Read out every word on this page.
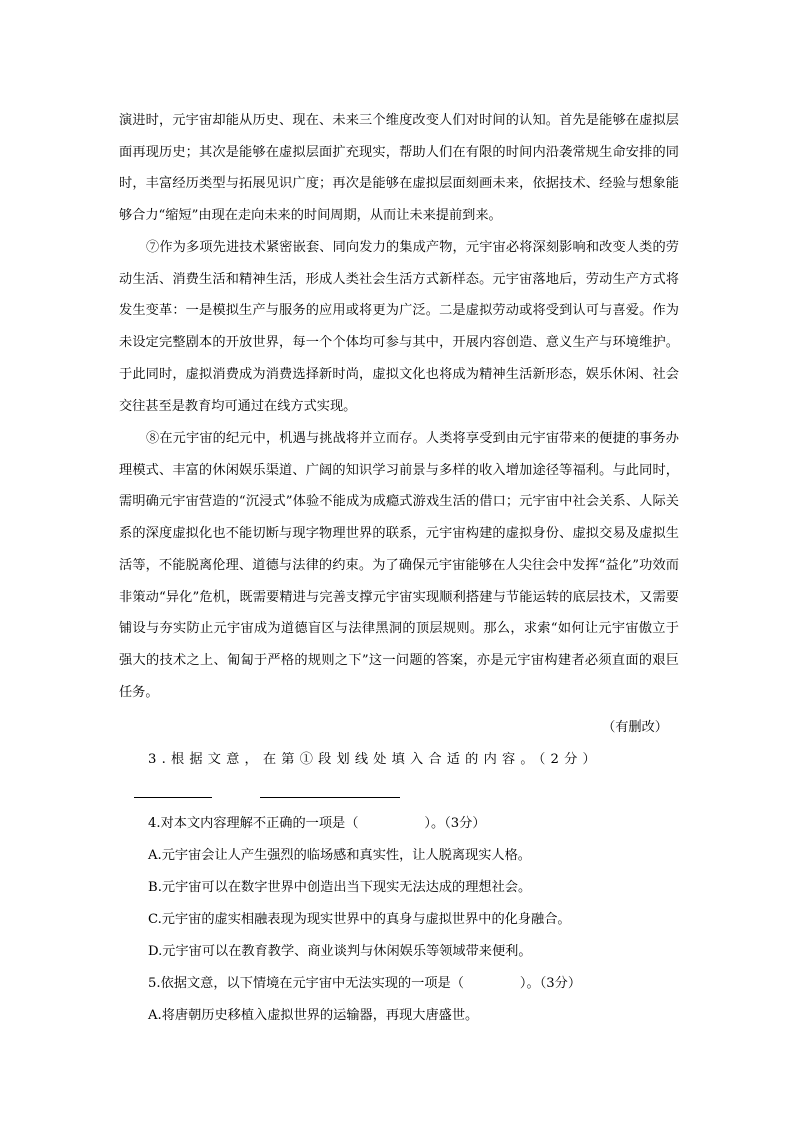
演进时，元宇宙却能从历史、现在、未来三个维度改变人们对时间的认知。首先是能够在虚拟层面再现历史；其次是能够在虚拟层面扩充现实，帮助人们在有限的时间内沿袭常规生命安排的同时，丰富经历类型与拓展见识广度；再次是能够在虚拟层面刻画未来，依据技术、经验与想象能够合力“缩短”由现在走向未来的时间周期，从而让未来提前到来。

⑦作为多项先进技术紧密嵌套、同向发力的集成产物，元宇宙必将深刻影响和改变人类的劳动生活、消费生活和精神生活，形成人类社会生活方式新样态。元宇宙落地后，劳动生产方式将发生变革：一是模拟生产与服务的应用或将更为广泛。二是虚拟劳动或将受到认可与喜爱。作为未设定完整剧本的开放世界，每一个个体均可参与其中，开展内容创造、意义生产与环境维护。于此同时，虚拟消费成为消费选择新时尚，虚拟文化也将成为精神生活新形态，娱乐休闲、社会交往甚至是教育均可通过在线方式实现。

⑧在元宇宙的纪元中，机遇与挑战将并立而存。人类将享受到由元宇宙带来的便捷的事务办理模式、丰富的休闲娱乐渠道、广阔的知识学习前景与多样的收入增加途径等福利。与此同时，需明确元宇宙营造的“沉浸式”体验不能成为成瘾式游戏生活的借口；元宇宙中社会关系、人际关系的深度虚拟化也不能切断与现字物理世界的联系，元宇宙构建的虚拟身份、虚拟交易及虚拟生活等，不能脱离伦理、道德与法律的约束。为了确保元宇宙能够在人尖往会中发挥“益化”功效而非策动“异化”危机，既需要精进与完善支撑元宇宙实现顺利搭建与节能运转的底层技术，又需要铺设与夯实防止元宇宙成为道德盲区与法律黑洞的顶层规则。那么，求索“如何让元宇宙傲立于强大的技术之上、匍匐于严格的规则之下”这一问题的答案，亦是元宇宙构建者必须直面的艰巨任务。

（有删改）

3.根据文意，在第①段划线处填入合适的内容。（2分）

4.对本文内容理解不正确的一项是（	）。（3分）

A.元宇宙会让人产生强烈的临场感和真实性，让人脱离现实人格。

B.元宇宙可以在数字世界中创造出当下现实无法达成的理想社会。

C.元宇宙的虚实相融表现为现实世界中的真身与虚拟世界中的化身融合。

D.元宇宙可以在教育教学、商业谈判与休闲娱乐等领域带来便利。

5.依据文意，以下情境在元宇宙中无法实现的一项是（	）。（3分）

A.将唐朝历史移植入虚拟世界的运输器，再现大唐盛世。
